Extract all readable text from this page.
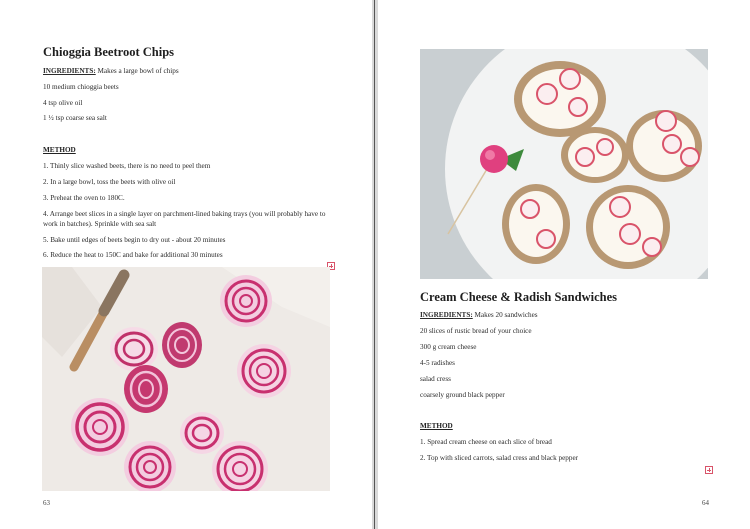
Chioggia Beetroot Chips
INGREDIENTS: Makes a large bowl of chips
10 medium chioggia beets
4 tsp olive oil
1 ½ tsp coarse sea salt
METHOD
1. Thinly slice washed beets, there is no need to peel them
2. In a large bowl, toss the beets with olive oil
3. Preheat the oven to 180C.
4. Arrange beet slices in a single layer on parchment-lined baking trays (you will probably have to
work in batches). Sprinkle with sea salt
5. Bake until edges of beets begin to dry out - about 20 minutes
6. Reduce the heat to 150C and bake for additional 30 minutes
63
Cream Cheese & Radish Sandwiches
INGREDIENTS: Makes 20 sandwiches
20 slices of rustic bread of your choice
300 g cream cheese
4-5 radishes
salad cress
coarsely ground black pepper
METHOD
1. Spread cream cheese on each slice of bread
2. Top with sliced carrots, salad cress and black pepper
64
